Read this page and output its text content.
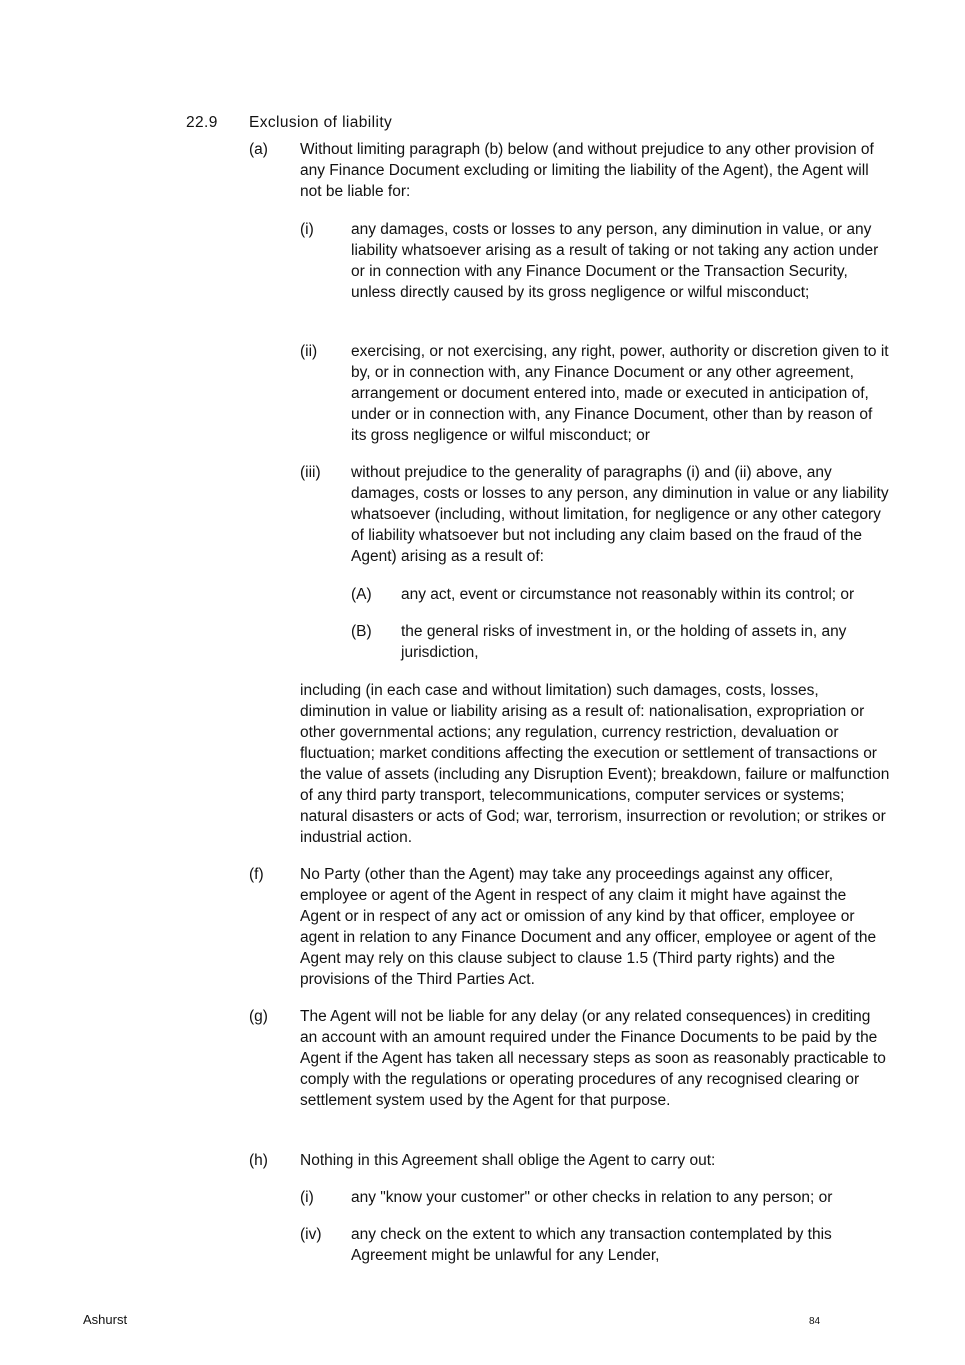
22.9	Exclusion of liability
(a) Without limiting paragraph (b) below (and without prejudice to any other provision of any Finance Document excluding or limiting the liability of the Agent), the Agent will not be liable for:
(i) any damages, costs or losses to any person, any diminution in value, or any liability whatsoever arising as a result of taking or not taking any action under or in connection with any Finance Document or the Transaction Security, unless directly caused by its gross negligence or wilful misconduct;
(ii) exercising, or not exercising, any right, power, authority or discretion given to it by, or in connection with, any Finance Document or any other agreement, arrangement or document entered into, made or executed in anticipation of, under or in connection with, any Finance Document, other than by reason of its gross negligence or wilful misconduct; or
(iii) without prejudice to the generality of paragraphs (i) and (ii) above, any damages, costs or losses to any person, any diminution in value or any liability whatsoever (including, without limitation, for negligence or any other category of liability whatsoever but not including any claim based on the fraud of the Agent) arising as a result of:
(A) any act, event or circumstance not reasonably within its control; or
(B) the general risks of investment in, or the holding of assets in, any jurisdiction,
including (in each case and without limitation) such damages, costs, losses, diminution in value or liability arising as a result of: nationalisation, expropriation or other governmental actions; any regulation, currency restriction, devaluation or fluctuation; market conditions affecting the execution or settlement of transactions or the value of assets (including any Disruption Event); breakdown, failure or malfunction of any third party transport, telecommunications, computer services or systems; natural disasters or acts of God; war, terrorism, insurrection or revolution; or strikes or industrial action.
(f) No Party (other than the Agent) may take any proceedings against any officer, employee or agent of the Agent in respect of any claim it might have against the Agent or in respect of any act or omission of any kind by that officer, employee or agent in relation to any Finance Document and any officer, employee or agent of the Agent may rely on this clause subject to clause 1.5 (Third party rights) and the provisions of the Third Parties Act.
(g) The Agent will not be liable for any delay (or any related consequences) in crediting an account with an amount required under the Finance Documents to be paid by the Agent if the Agent has taken all necessary steps as soon as reasonably practicable to comply with the regulations or operating procedures of any recognised clearing or settlement system used by the Agent for that purpose.
(h) Nothing in this Agreement shall oblige the Agent to carry out:
(i) any "know your customer" or other checks in relation to any person; or
(iv) any check on the extent to which any transaction contemplated by this Agreement might be unlawful for any Lender,
Ashurst	84
